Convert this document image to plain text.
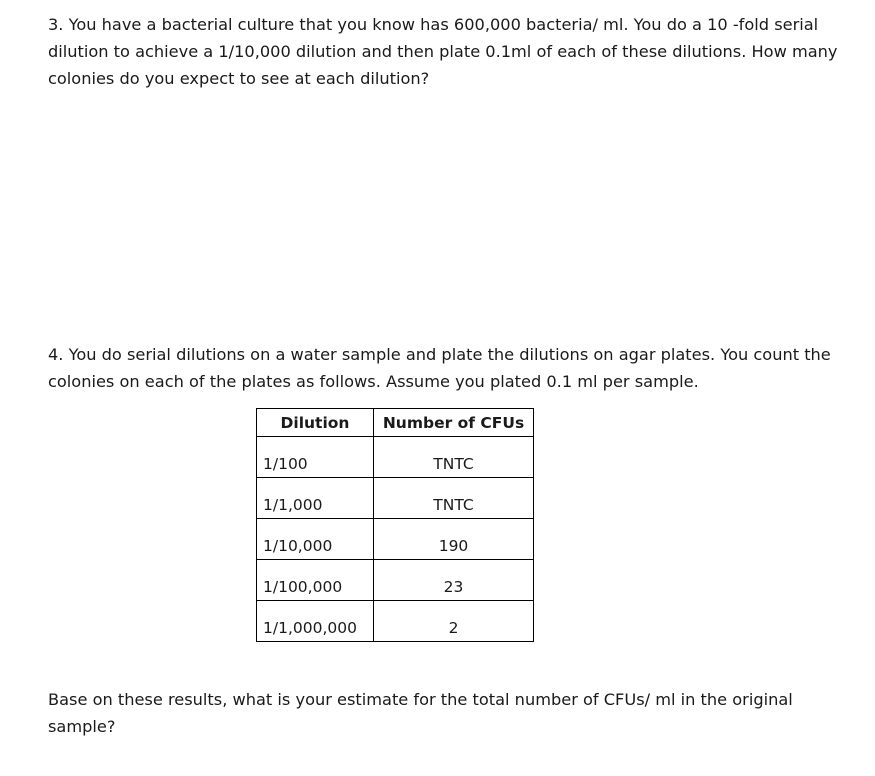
3. You have a bacterial culture that you know has 600,000 bacteria/ ml. You do a 10 -fold serial dilution to achieve a 1/10,000 dilution and then plate 0.1ml of each of these dilutions. How many colonies do you expect to see at each dilution?

4. You do serial dilutions on a water sample and plate the dilutions on agar plates. You count the colonies on each of the plates as follows. Assume you plated 0.1 ml per sample.

Dilution	Number of CFUs
1/100	TNTC
1/1,000	TNTC
1/10,000	190
1/100,000	23
1/1,000,000	2

Base on these results, what is your estimate for the total number of CFUs/ ml in the original sample?
